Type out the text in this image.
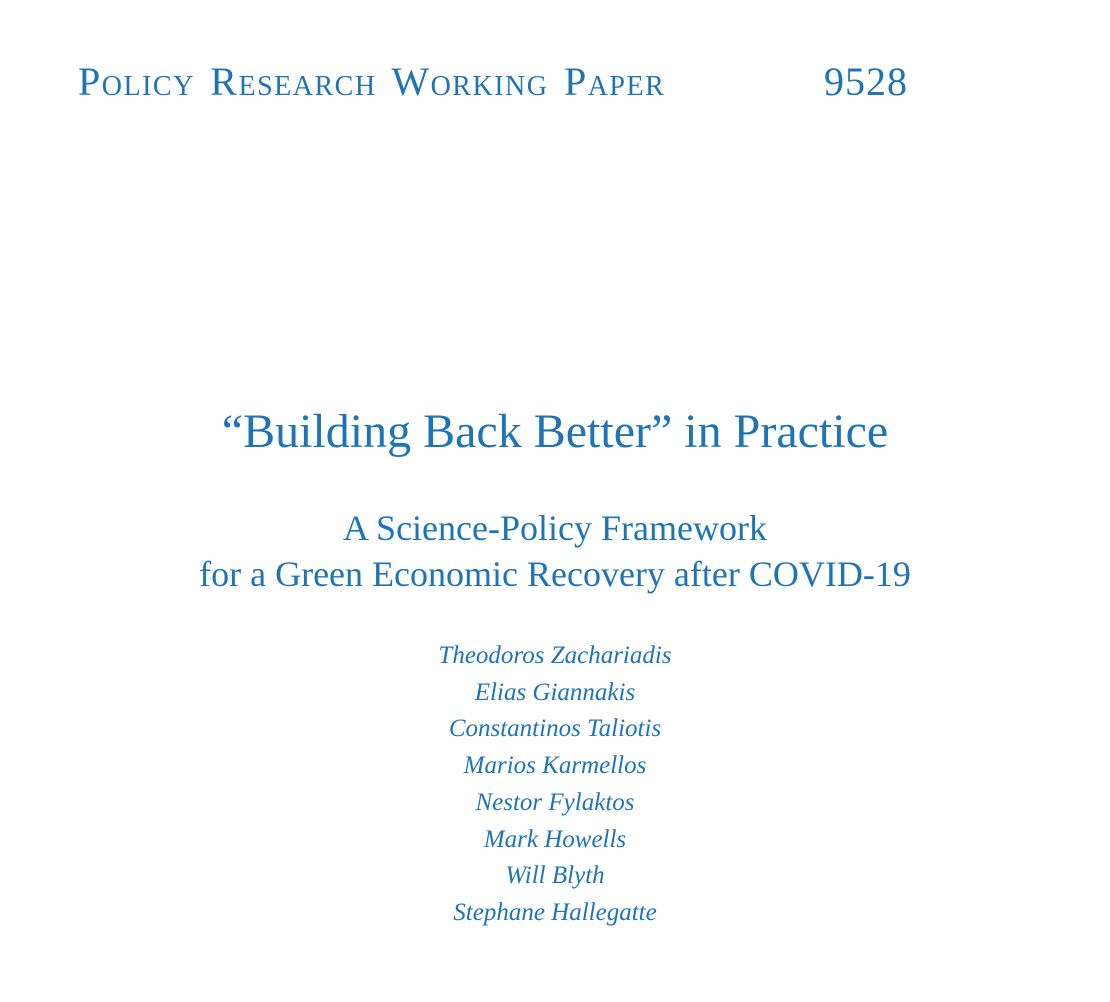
Policy Research Working Paper	9528
“Building Back Better” in Practice
A Science-Policy Framework
for a Green Economic Recovery after COVID-19
Theodoros Zachariadis
Elias Giannakis
Constantinos Taliotis
Marios Karmellos
Nestor Fylaktos
Mark Howells
Will Blyth
Stephane Hallegatte
